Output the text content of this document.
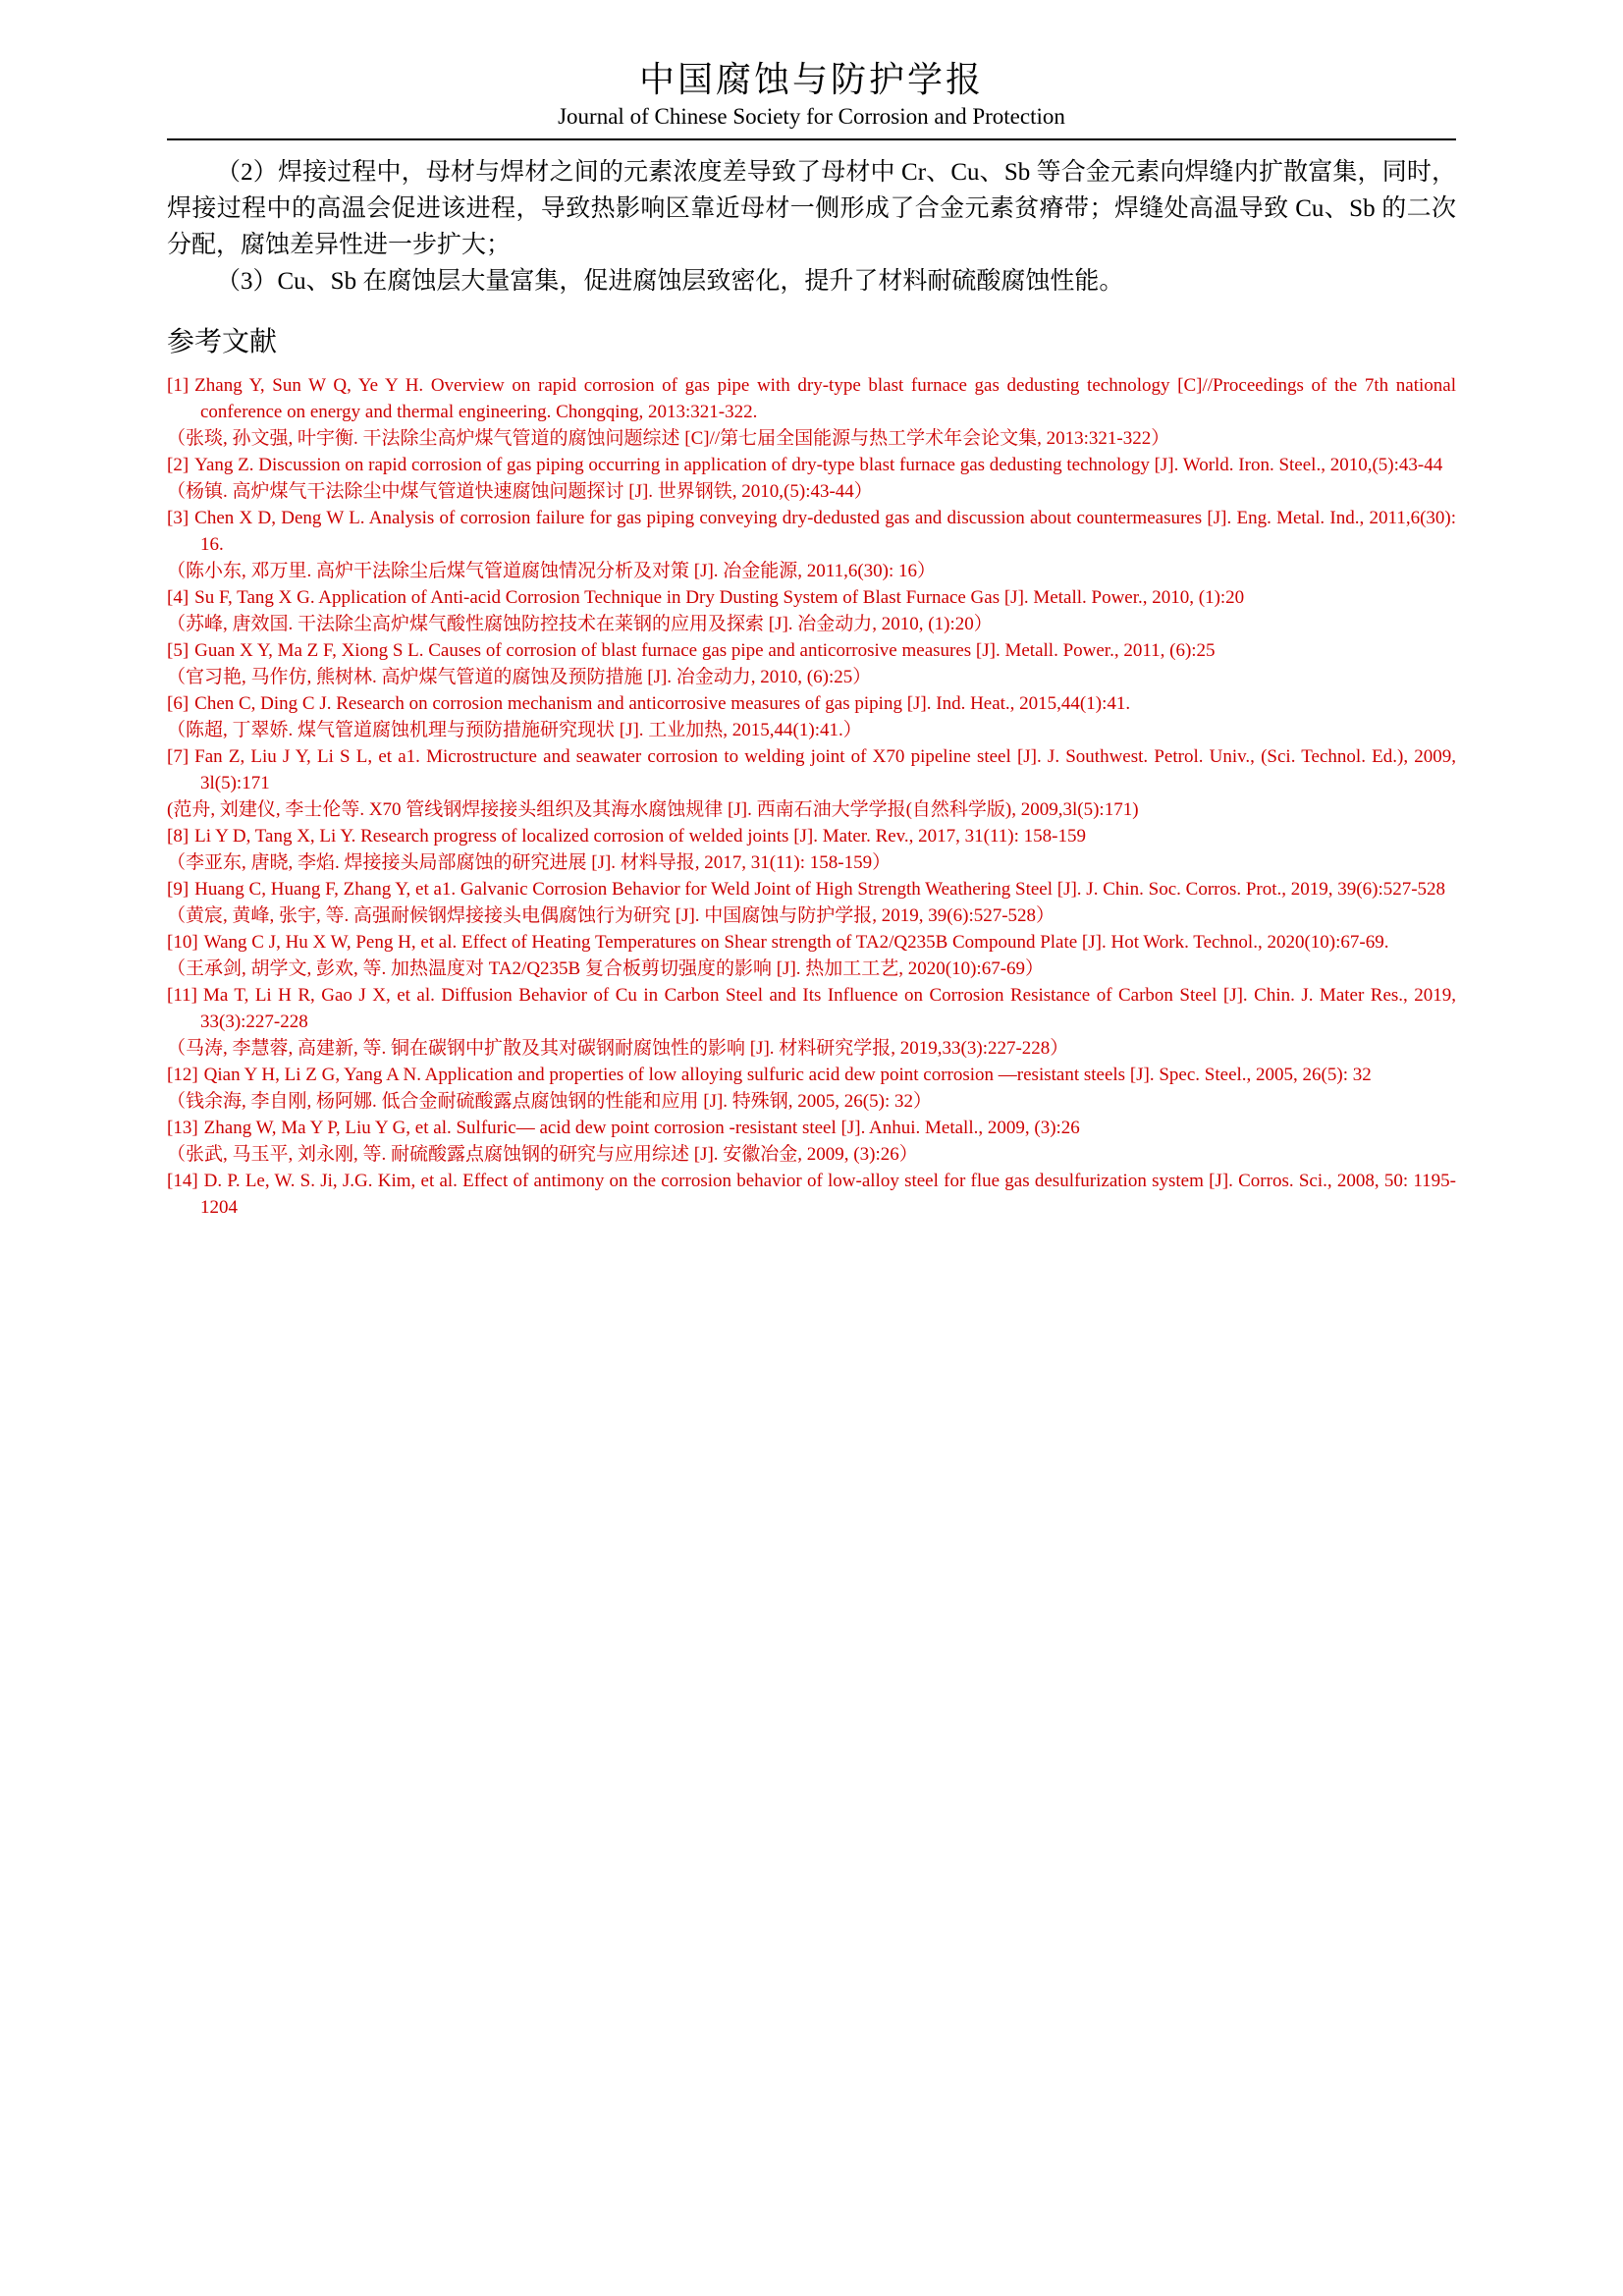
中国腐蚀与防护学报
Journal of Chinese Society for Corrosion and Protection

（2）焊接过程中，母材与焊材之间的元素浓度差导致了母材中 Cr、Cu、Sb 等合金元素向焊缝内扩散富集，同时，焊接过程中的高温会促进该进程，导致热影响区靠近母材一侧形成了合金元素贫瘠带；焊缝处高温导致 Cu、Sb 的二次分配，腐蚀差异性进一步扩大；

（3）Cu、Sb 在腐蚀层大量富集，促进腐蚀层致密化，提升了材料耐硫酸腐蚀性能。

参考文献

[1] Zhang Y, Sun W Q, Ye Y H. Overview on rapid corrosion of gas pipe with dry-type blast furnace gas dedusting technology [C]//Proceedings of the 7th national conference on energy and thermal engineering. Chongqing, 2013:321-322.

（张琰, 孙文强, 叶宇衡. 干法除尘高炉煤气管道的腐蚀问题综述 [C]//第七届全国能源与热工学术年会论文集, 2013:321-322）

[2] Yang Z. Discussion on rapid corrosion of gas piping occurring in application of dry-type blast furnace gas dedusting technology [J]. World. Iron. Steel., 2010,(5):43-44

（杨镇. 高炉煤气干法除尘中煤气管道快速腐蚀问题探讨 [J]. 世界钢铁, 2010,(5):43-44）

[3] Chen X D, Deng W L. Analysis of corrosion failure for gas piping conveying dry-dedusted gas and discussion about countermeasures [J]. Eng. Metal. Ind., 2011,6(30): 16.

（陈小东, 邓万里. 高炉干法除尘后煤气管道腐蚀情况分析及对策 [J]. 冶金能源, 2011,6(30): 16）

[4] Su F, Tang X G. Application of Anti-acid Corrosion Technique in Dry Dusting System of Blast Furnace Gas [J]. Metall. Power., 2010, (1):20

（苏峰, 唐效国. 干法除尘高炉煤气酸性腐蚀防控技术在莱钢的应用及探索 [J]. 冶金动力, 2010, (1):20）

[5] Guan X Y, Ma Z F, Xiong S L. Causes of corrosion of blast furnace gas pipe and anticorrosive measures [J]. Metall. Power., 2011, (6):25

（官习艳, 马作仿, 熊树林. 高炉煤气管道的腐蚀及预防措施 [J]. 冶金动力, 2010, (6):25）

[6] Chen C, Ding C J. Research on corrosion mechanism and anticorrosive measures of gas piping [J]. Ind. Heat., 2015,44(1):41.

（陈超, 丁翠娇. 煤气管道腐蚀机理与预防措施研究现状 [J]. 工业加热, 2015,44(1):41.）

[7] Fan Z, Liu J Y, Li S L, et a1. Microstructure and seawater corrosion to welding joint of X70 pipeline steel [J]. J. Southwest. Petrol. Univ., (Sci. Technol. Ed.), 2009, 3l(5):171

(范舟, 刘建仪, 李士伦等. X70 管线钢焊接接头组织及其海水腐蚀规律 [J]. 西南石油大学学报(自然科学版), 2009,3l(5):171)

[8] Li Y D, Tang X, Li Y. Research progress of localized corrosion of welded joints [J]. Mater. Rev., 2017, 31(11): 158-159

（李亚东, 唐晓, 李焰. 焊接接头局部腐蚀的研究进展 [J]. 材料导报, 2017, 31(11): 158-159）

[9] Huang C, Huang F, Zhang Y, et a1. Galvanic Corrosion Behavior for Weld Joint of High Strength Weathering Steel [J]. J. Chin. Soc. Corros. Prot., 2019, 39(6):527-528

（黄宸, 黄峰, 张宇, 等. 高强耐候钢焊接接头电偶腐蚀行为研究 [J]. 中国腐蚀与防护学报, 2019, 39(6):527-528）

[10] Wang C J, Hu X W, Peng H, et al. Effect of Heating Temperatures on Shear strength of TA2/Q235B Compound Plate [J]. Hot Work. Technol., 2020(10):67-69.

（王承剑, 胡学文, 彭欢, 等. 加热温度对 TA2/Q235B 复合板剪切强度的影响 [J]. 热加工工艺, 2020(10):67-69）

[11] Ma T, Li H R, Gao J X, et al. Diffusion Behavior of Cu in Carbon Steel and Its Influence on Corrosion Resistance of Carbon Steel [J]. Chin. J. Mater Res., 2019, 33(3):227-228

（马涛, 李慧蓉, 高建新, 等. 铜在碳钢中扩散及其对碳钢耐腐蚀性的影响 [J]. 材料研究学报, 2019,33(3):227-228）

[12] Qian Y H, Li Z G, Yang A N. Application and properties of low alloying sulfuric acid dew point corrosion —resistant steels [J]. Spec. Steel., 2005, 26(5): 32

（钱余海, 李自刚, 杨阿娜. 低合金耐硫酸露点腐蚀钢的性能和应用 [J]. 特殊钢, 2005, 26(5): 32）

[13] Zhang W, Ma Y P, Liu Y G, et al. Sulfuric— acid dew point corrosion -resistant steel [J]. Anhui. Metall., 2009, (3):26

（张武, 马玉平, 刘永刚, 等. 耐硫酸露点腐蚀钢的研究与应用综述 [J]. 安徽冶金, 2009, (3):26）

[14] D. P. Le, W. S. Ji, J.G. Kim, et al. Effect of antimony on the corrosion behavior of low-alloy steel for flue gas desulfurization system [J]. Corros. Sci., 2008, 50: 1195-1204
